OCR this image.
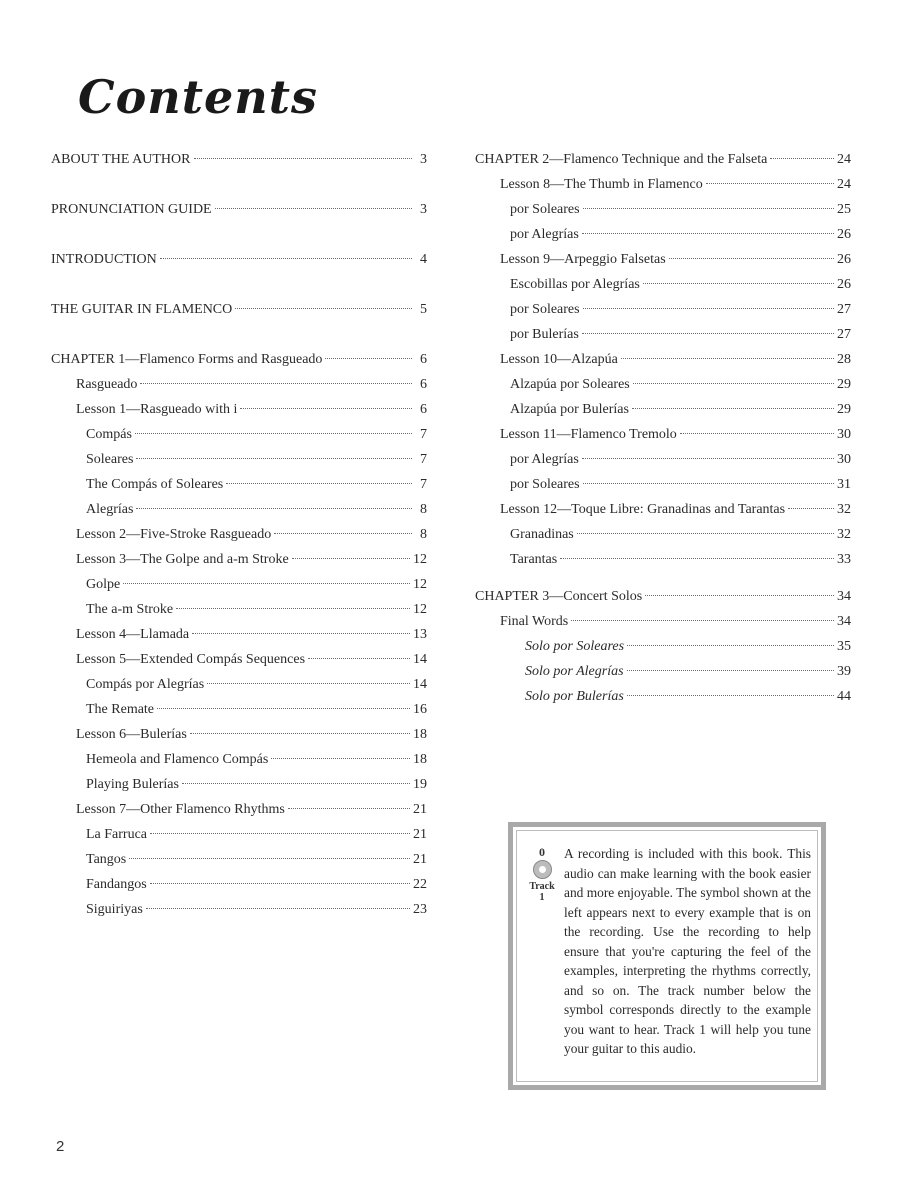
Contents
ABOUT THE AUTHOR	3
PRONUNCIATION GUIDE	3
INTRODUCTION	4
THE GUITAR IN FLAMENCO	5
CHAPTER 1—Flamenco Forms and Rasgueado	6
Rasgueado	6
Lesson 1—Rasgueado with i	6
Compás	7
Soleares	7
The Compás of Soleares	7
Alegrías	8
Lesson 2—Five-Stroke Rasgueado	8
Lesson 3—The Golpe and a-m Stroke	12
Golpe	12
The a-m Stroke	12
Lesson 4—Llamada	13
Lesson 5—Extended Compás Sequences	14
Compás por Alegrías	14
The Remate	16
Lesson 6—Bulerías	18
Hemeola and Flamenco Compás	18
Playing Bulerías	19
Lesson 7—Other Flamenco Rhythms	21
La Farruca	21
Tangos	21
Fandangos	22
Siguiriyas	23
CHAPTER 2—Flamenco Technique and the Falseta	24
Lesson 8—The Thumb in Flamenco	24
por Soleares	25
por Alegrías	26
Lesson 9—Arpeggio Falsetas	26
Escobillas por Alegrías	26
por Soleares	27
por Bulerías	27
Lesson 10—Alzapúa	28
Alzapúa por Soleares	29
Alzapúa por Bulerías	29
Lesson 11—Flamenco Tremolo	30
por Alegrías	30
por Soleares	31
Lesson 12—Toque Libre: Granadinas and Tarantas	32
Granadinas	32
Tarantas	33
CHAPTER 3—Concert Solos	34
Final Words	34
Solo por Soleares	35
Solo por Alegrías	39
Solo por Bulerías	44
0
Track
1

A recording is included with this book. This audio can make learning with the book easier and more enjoyable. The symbol shown at the left appears next to every example that is on the recording. Use the recording to help ensure that you're capturing the feel of the examples, interpreting the rhythms correctly, and so on. The track number below the symbol corresponds directly to the example you want to hear. Track 1 will help you tune your guitar to this audio.

2
